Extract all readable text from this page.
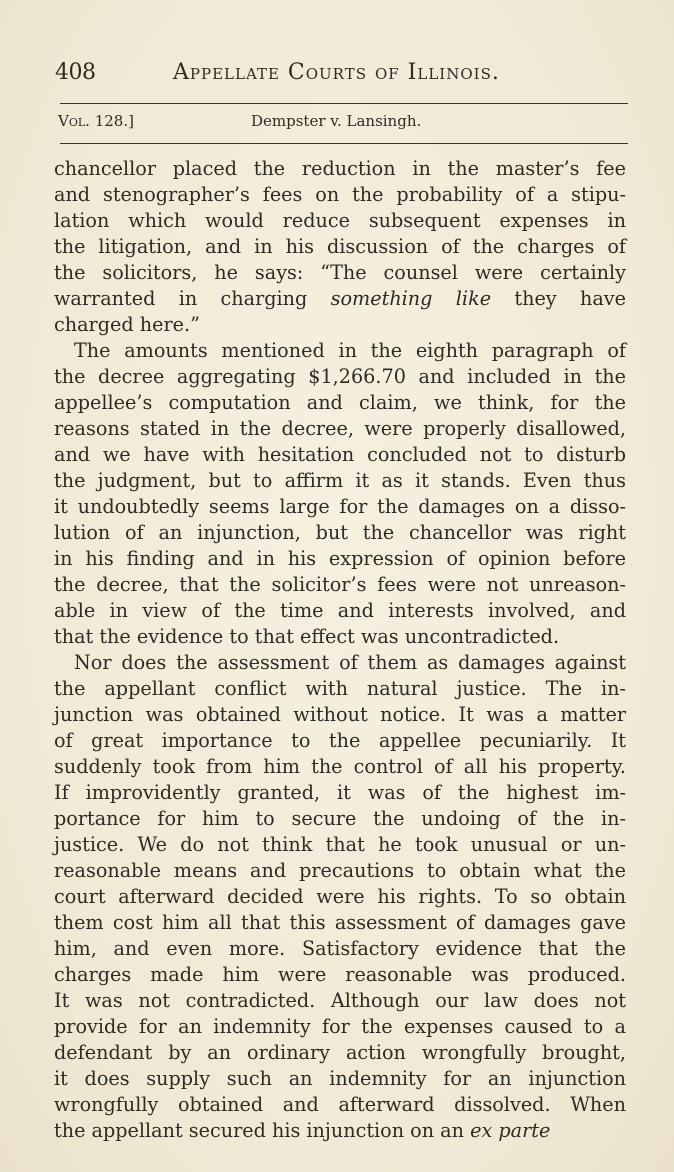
408	Appellate Courts of Illinois.
Vol. 128.]	Dempster v. Lansingh.
chancellor placed the reduction in the master’s fee
and stenographer’s fees on the probability of a stipu-
lation which would reduce subsequent expenses in
the litigation, and in his discussion of the charges of
the solicitors, he says: “The counsel were certainly
warranted in charging something like they have
charged here.”
The amounts mentioned in the eighth paragraph of
the decree aggregating $1,266.70 and included in the
appellee’s computation and claim, we think, for the
reasons stated in the decree, were properly disallowed,
and we have with hesitation concluded not to disturb
the judgment, but to affirm it as it stands. Even thus
it undoubtedly seems large for the damages on a disso-
lution of an injunction, but the chancellor was right
in his finding and in his expression of opinion before
the decree, that the solicitor’s fees were not unreason-
able in view of the time and interests involved, and
that the evidence to that effect was uncontradicted.
Nor does the assessment of them as damages against
the appellant conflict with natural justice. The in-
junction was obtained without notice. It was a matter
of great importance to the appellee pecuniarily. It
suddenly took from him the control of all his property.
If improvidently granted, it was of the highest im-
portance for him to secure the undoing of the in-
justice. We do not think that he took unusual or un-
reasonable means and precautions to obtain what the
court afterward decided were his rights. To so obtain
them cost him all that this assessment of damages gave
him, and even more. Satisfactory evidence that the
charges made him were reasonable was produced.
It was not contradicted. Although our law does not
provide for an indemnity for the expenses caused to a
defendant by an ordinary action wrongfully brought,
it does supply such an indemnity for an injunction
wrongfully obtained and afterward dissolved. When
the appellant secured his injunction on an ex parte
